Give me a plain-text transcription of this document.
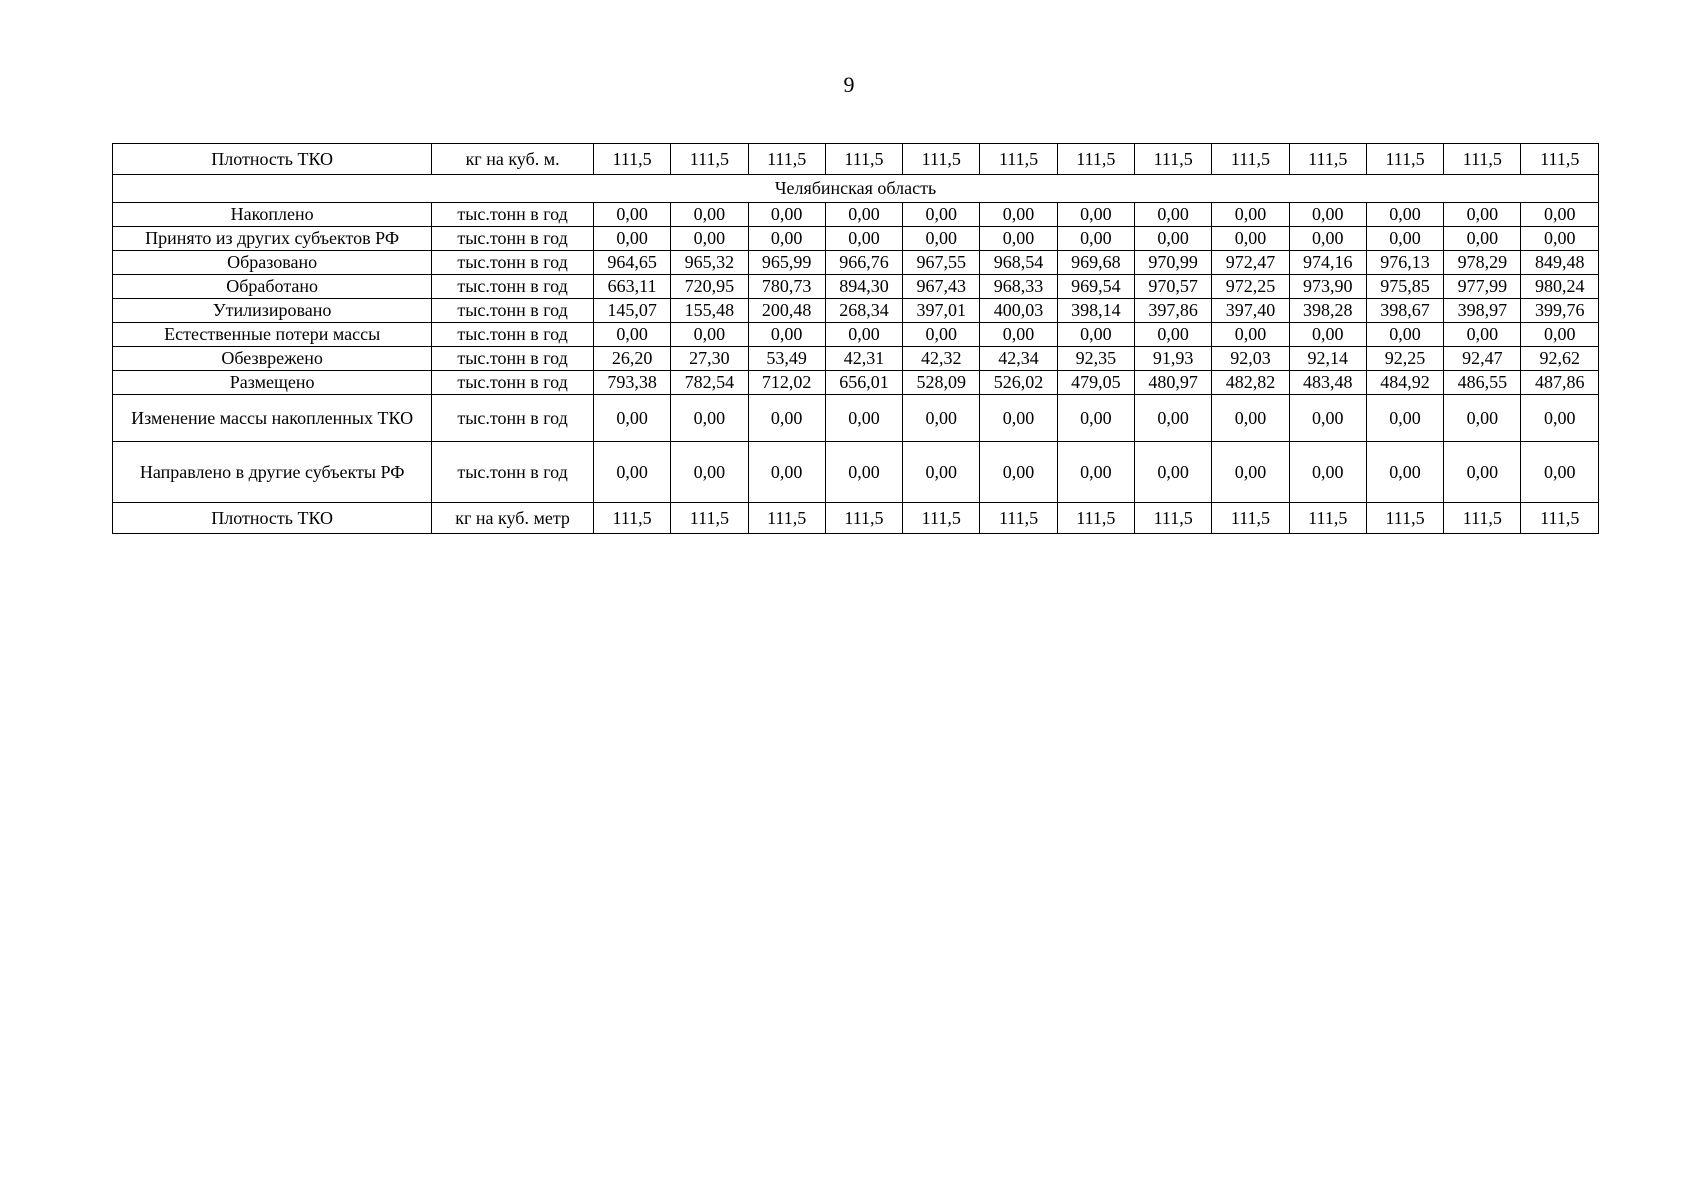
9
Плотность ТКО	кг на куб. м.	111,5	111,5	111,5	111,5	111,5	111,5	111,5	111,5	111,5	111,5	111,5	111,5	111,5
Челябинская область														
Накоплено	тыс.тонн в год	0,00	0,00	0,00	0,00	0,00	0,00	0,00	0,00	0,00	0,00	0,00	0,00	0,00
Принято из других субъектов РФ	тыс.тонн в год	0,00	0,00	0,00	0,00	0,00	0,00	0,00	0,00	0,00	0,00	0,00	0,00	0,00
Образовано	тыс.тонн в год	964,65	965,32	965,99	966,76	967,55	968,54	969,68	970,99	972,47	974,16	976,13	978,29	849,48
Обработано	тыс.тонн в год	663,11	720,95	780,73	894,30	967,43	968,33	969,54	970,57	972,25	973,90	975,85	977,99	980,24
Утилизировано	тыс.тонн в год	145,07	155,48	200,48	268,34	397,01	400,03	398,14	397,86	397,40	398,28	398,67	398,97	399,76
Естественные потери массы	тыс.тонн в год	0,00	0,00	0,00	0,00	0,00	0,00	0,00	0,00	0,00	0,00	0,00	0,00	0,00
Обезврежено	тыс.тонн в год	26,20	27,30	53,49	42,31	42,32	42,34	92,35	91,93	92,03	92,14	92,25	92,47	92,62
Размещено	тыс.тонн в год	793,38	782,54	712,02	656,01	528,09	526,02	479,05	480,97	482,82	483,48	484,92	486,55	487,86
Изменение массы накопленных ТКО	тыс.тонн в год	0,00	0,00	0,00	0,00	0,00	0,00	0,00	0,00	0,00	0,00	0,00	0,00	0,00
Направлено в другие субъекты РФ	тыс.тонн в год	0,00	0,00	0,00	0,00	0,00	0,00	0,00	0,00	0,00	0,00	0,00	0,00	0,00
Плотность ТКО	кг на куб. метр	111,5	111,5	111,5	111,5	111,5	111,5	111,5	111,5	111,5	111,5	111,5	111,5	111,5
